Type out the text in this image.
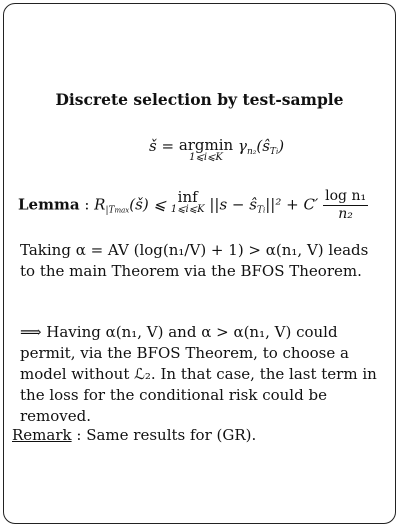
Discrete selection by test-sample
š = argmin
1⩽i⩽K
$\gamma_{n_2}(ŝ_{Ti})$
Lemma : $R_{|Tmax}(š)$ ⩽ inf
1⩽i⩽K $||s - ŝ_{Ti}||^2 + C' \frac{\text{log n₁}}{\text{n₂}}$
Taking α = AV (log(n₁/V) + 1) > α(n₁, V) leads to the main Theorem via the BFOS Theorem.
⟹ Having α(n₁, V) and α > α(n₁, V) could permit, via the BFOS Theorem, to choose a model without ℒ₂. In that case, the last term in the loss for the conditional risk could be removed.
Remark : Same results for (GR).
